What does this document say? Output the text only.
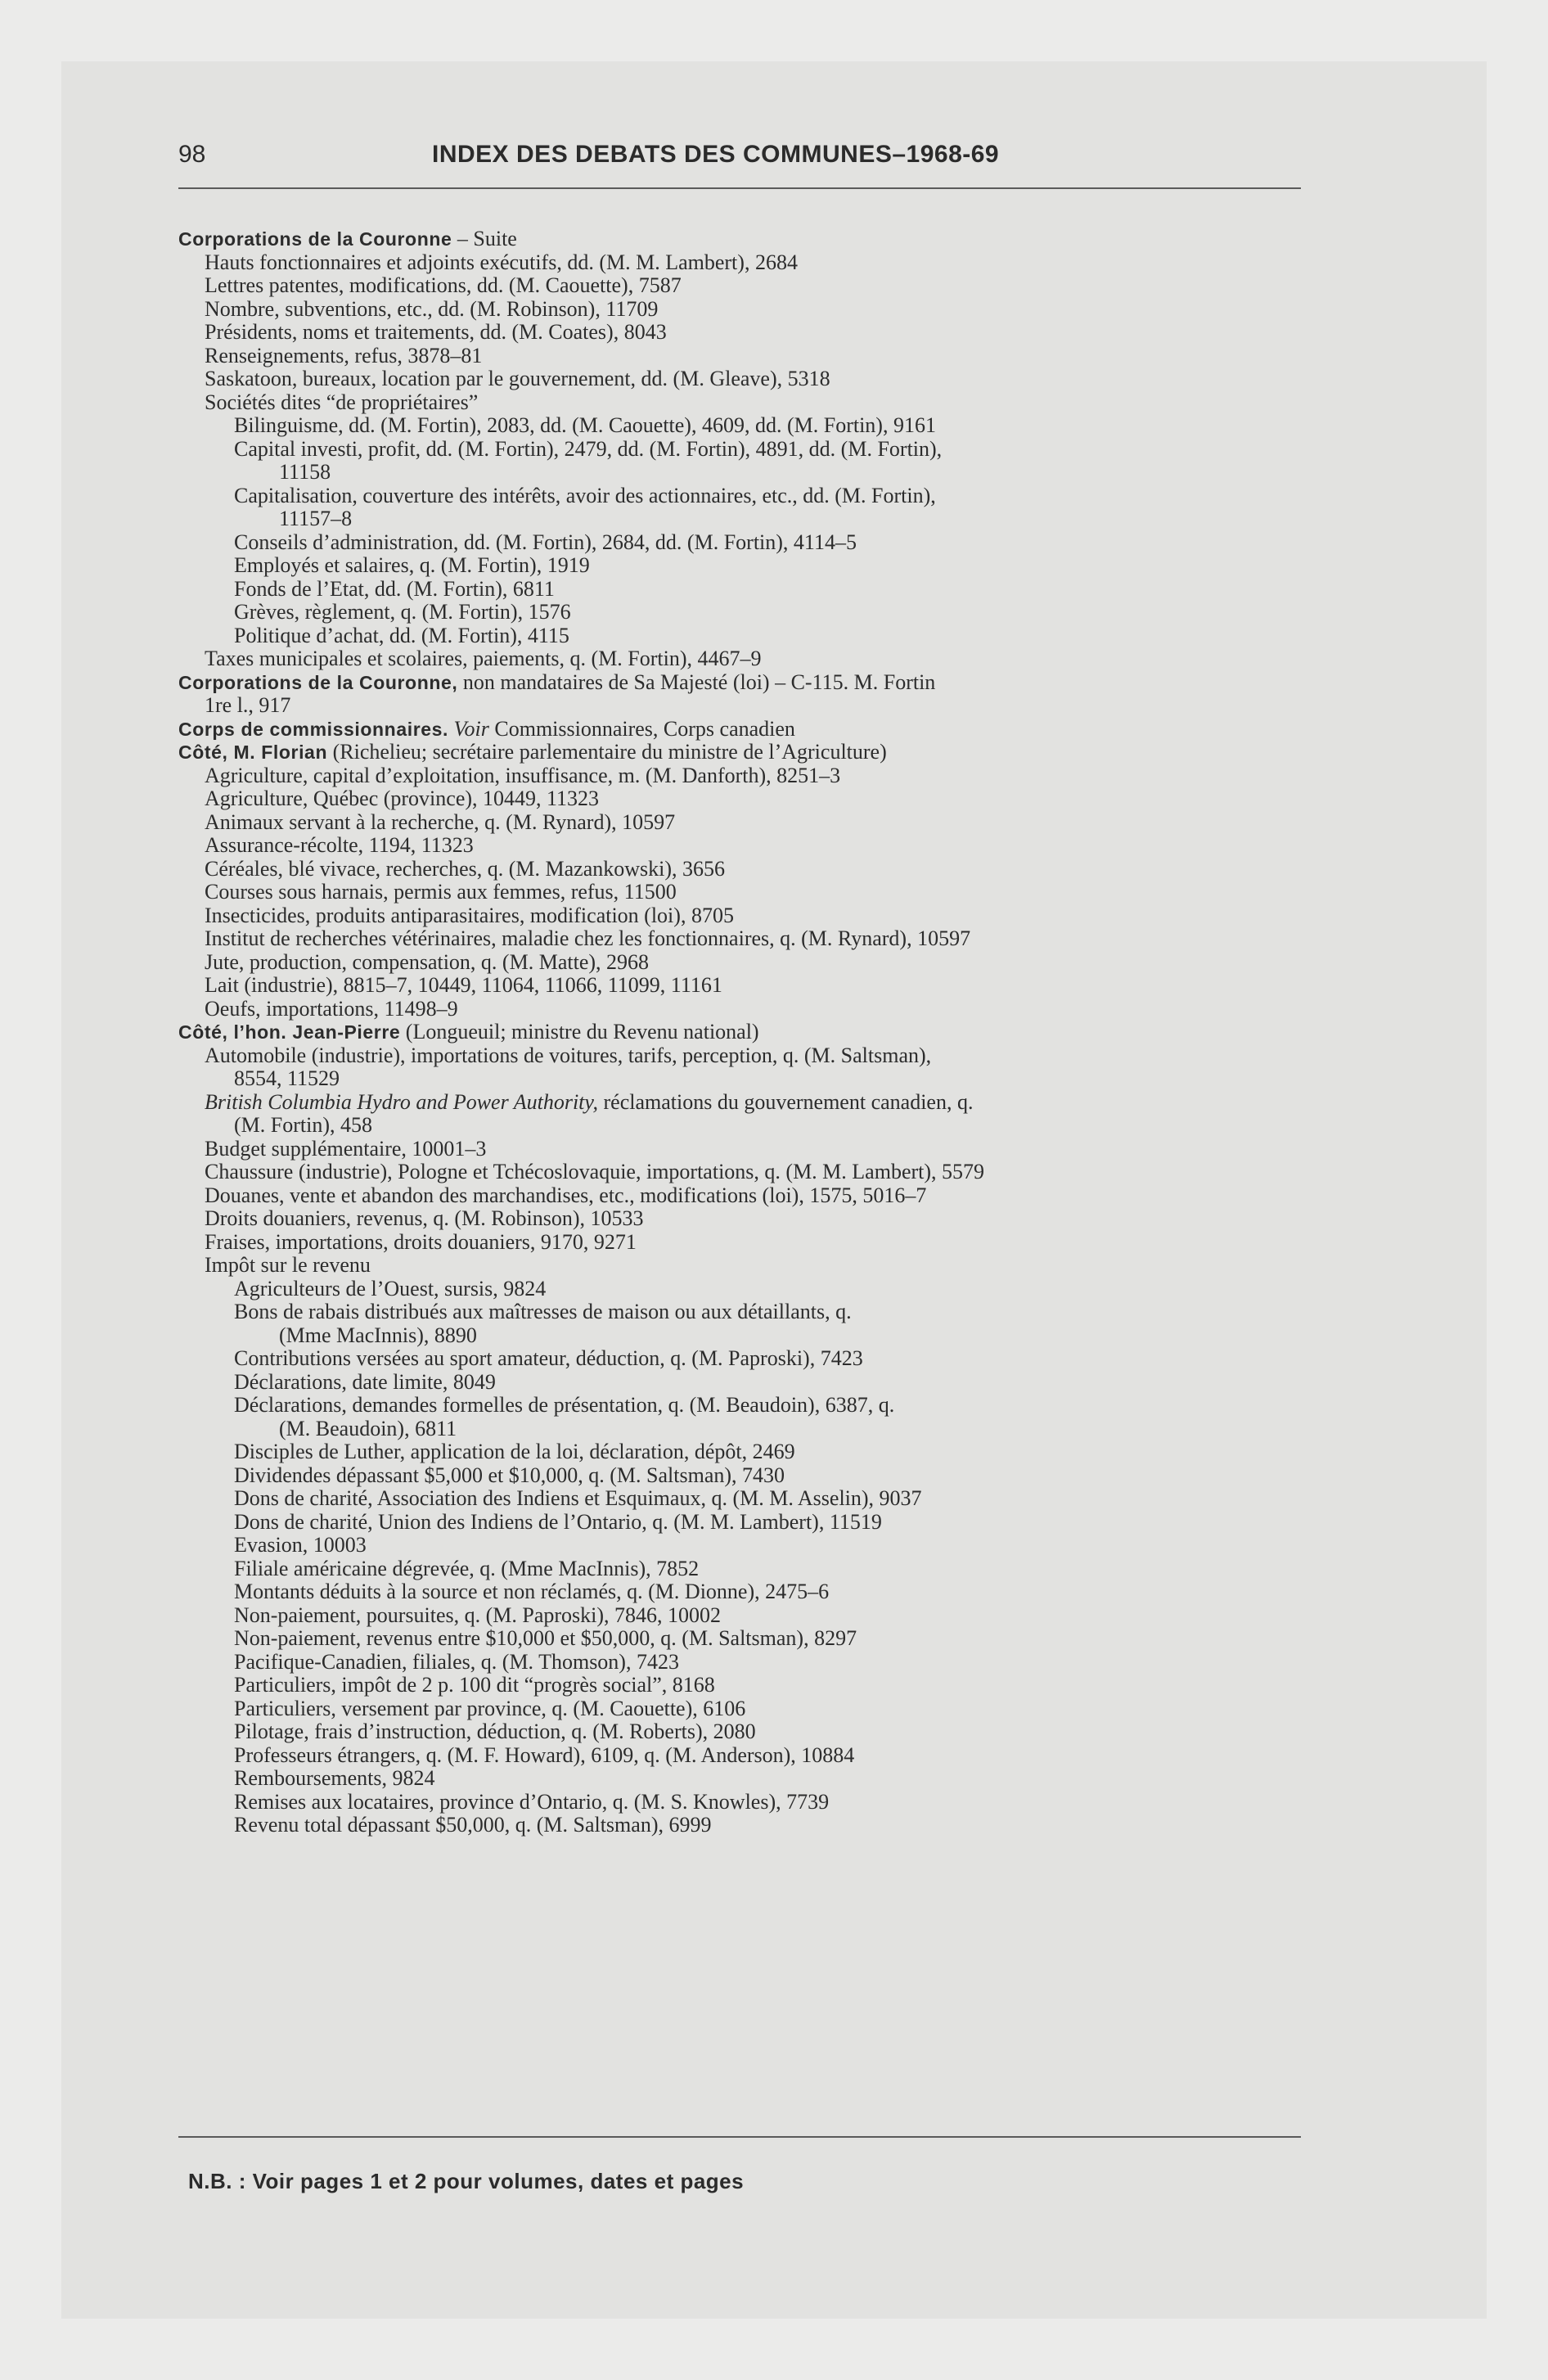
98	INDEX DES DEBATS DES COMMUNES–1968-69
Corporations de la Couronne – Suite
Hauts fonctionnaires et adjoints exécutifs, dd. (M. M. Lambert), 2684
Lettres patentes, modifications, dd. (M. Caouette), 7587
Nombre, subventions, etc., dd. (M. Robinson), 11709
Présidents, noms et traitements, dd. (M. Coates), 8043
Renseignements, refus, 3878–81
Saskatoon, bureaux, location par le gouvernement, dd. (M. Gleave), 5318
Sociétés dites “de propriétaires”
Bilinguisme, dd. (M. Fortin), 2083, dd. (M. Caouette), 4609, dd. (M. Fortin), 9161
Capital investi, profit, dd. (M. Fortin), 2479, dd. (M. Fortin), 4891, dd. (M. Fortin),
11158
Capitalisation, couverture des intérêts, avoir des actionnaires, etc., dd. (M. Fortin),
11157–8
Conseils d’administration, dd. (M. Fortin), 2684, dd. (M. Fortin), 4114–5
Employés et salaires, q. (M. Fortin), 1919
Fonds de l’Etat, dd. (M. Fortin), 6811
Grèves, règlement, q. (M. Fortin), 1576
Politique d’achat, dd. (M. Fortin), 4115
Taxes municipales et scolaires, paiements, q. (M. Fortin), 4467–9
Corporations de la Couronne, non mandataires de Sa Majesté (loi) – C-115. M. Fortin
1re l., 917
Corps de commissionnaires. Voir Commissionnaires, Corps canadien
Côté, M. Florian (Richelieu; secrétaire parlementaire du ministre de l’Agriculture)
Agriculture, capital d’exploitation, insuffisance, m. (M. Danforth), 8251–3
Agriculture, Québec (province), 10449, 11323
Animaux servant à la recherche, q. (M. Rynard), 10597
Assurance-récolte, 1194, 11323
Céréales, blé vivace, recherches, q. (M. Mazankowski), 3656
Courses sous harnais, permis aux femmes, refus, 11500
Insecticides, produits antiparasitaires, modification (loi), 8705
Institut de recherches vétérinaires, maladie chez les fonctionnaires, q. (M. Rynard), 10597
Jute, production, compensation, q. (M. Matte), 2968
Lait (industrie), 8815–7, 10449, 11064, 11066, 11099, 11161
Oeufs, importations, 11498–9
Côté, l’hon. Jean-Pierre (Longueuil; ministre du Revenu national)
Automobile (industrie), importations de voitures, tarifs, perception, q. (M. Saltsman),
8554, 11529
British Columbia Hydro and Power Authority, réclamations du gouvernement canadien, q.
(M. Fortin), 458
Budget supplémentaire, 10001–3
Chaussure (industrie), Pologne et Tchécoslovaquie, importations, q. (M. M. Lambert), 5579
Douanes, vente et abandon des marchandises, etc., modifications (loi), 1575, 5016–7
Droits douaniers, revenus, q. (M. Robinson), 10533
Fraises, importations, droits douaniers, 9170, 9271
Impôt sur le revenu
Agriculteurs de l’Ouest, sursis, 9824
Bons de rabais distribués aux maîtresses de maison ou aux détaillants, q.
(Mme MacInnis), 8890
Contributions versées au sport amateur, déduction, q. (M. Paproski), 7423
Déclarations, date limite, 8049
Déclarations, demandes formelles de présentation, q. (M. Beaudoin), 6387, q.
(M. Beaudoin), 6811
Disciples de Luther, application de la loi, déclaration, dépôt, 2469
Dividendes dépassant $5,000 et $10,000, q. (M. Saltsman), 7430
Dons de charité, Association des Indiens et Esquimaux, q. (M. M. Asselin), 9037
Dons de charité, Union des Indiens de l’Ontario, q. (M. M. Lambert), 11519
Evasion, 10003
Filiale américaine dégrevée, q. (Mme MacInnis), 7852
Montants déduits à la source et non réclamés, q. (M. Dionne), 2475–6
Non-paiement, poursuites, q. (M. Paproski), 7846, 10002
Non-paiement, revenus entre $10,000 et $50,000, q. (M. Saltsman), 8297
Pacifique-Canadien, filiales, q. (M. Thomson), 7423
Particuliers, impôt de 2 p. 100 dit “progrès social”, 8168
Particuliers, versement par province, q. (M. Caouette), 6106
Pilotage, frais d’instruction, déduction, q. (M. Roberts), 2080
Professeurs étrangers, q. (M. F. Howard), 6109, q. (M. Anderson), 10884
Remboursements, 9824
Remises aux locataires, province d’Ontario, q. (M. S. Knowles), 7739
Revenu total dépassant $50,000, q. (M. Saltsman), 6999
N.B. : Voir pages 1 et 2 pour volumes, dates et pages
